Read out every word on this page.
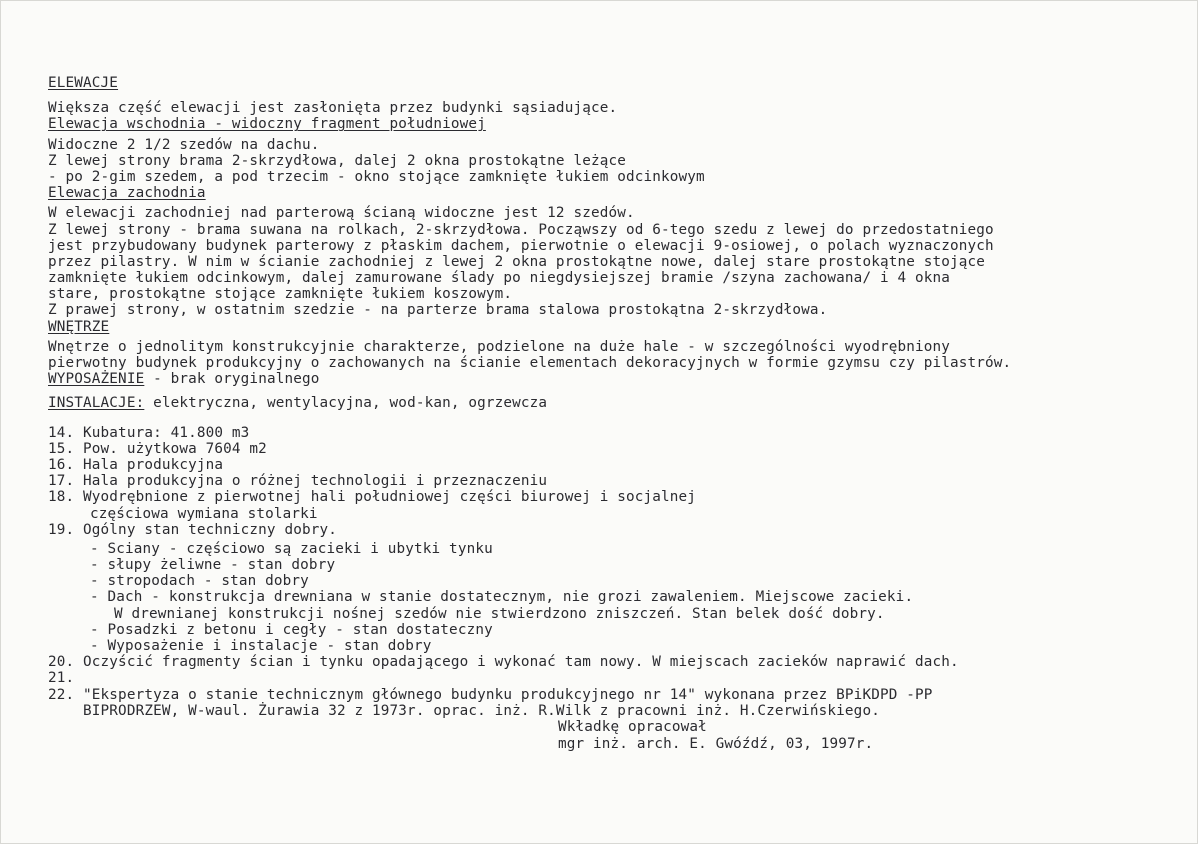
ELEWACJE
Większa część elewacji jest zasłonięta przez budynki sąsiadujące.
Elewacja wschodnia - widoczny fragment południowej
Widoczne 2 1/2 szedów na dachu.
Z lewej strony brama 2-skrzydłowa, dalej 2 okna prostokątne leżące
- po 2-gim szedem, a pod trzecim - okno stojące zamknięte łukiem odcinkowym
Elewacja zachodnia
W elewacji zachodniej nad parterową ścianą widoczne jest 12 szedów.
Z lewej strony - brama suwana na rolkach, 2-skrzydłowa. Począwszy od 6-tego szedu z lewej do przedostatniego
jest przybudowany budynek parterowy z płaskim dachem, pierwotnie o elewacji 9-osiowej, o polach wyznaczonych
przez pilastry. W nim w ścianie zachodniej z lewej 2 okna prostokątne nowe, dalej stare prostokątne stojące
zamknięte łukiem odcinkowym, dalej zamurowane ślady po niegdysiejszej bramie /szyna zachowana/ i 4 okna
stare, prostokątne stojące zamknięte łukiem koszowym.
Z prawej strony, w ostatnim szedzie - na parterze brama stalowa prostokątna 2-skrzydłowa.
WNĘTRZE
Wnętrze o jednolitym konstrukcyjnie charakterze, podzielone na duże hale - w szczególności wyodrębniony
pierwotny budynek produkcyjny o zachowanych na ścianie elementach dekoracyjnych w formie gzymsu czy pilastrów.
WYPOSAŻENIE - brak oryginalnego
INSTALACJE: elektryczna, wentylacyjna, wod-kan, ogrzewcza
14. Kubatura: 41.800 m3
15. Pow. użytkowa 7604 m2
16. Hala produkcyjna
17. Hala produkcyjna o różnej technologii i przeznaczeniu
18. Wyodrębnione z pierwotnej hali południowej części biurowej i socjalnej
częściowa wymiana stolarki
19. Ogólny stan techniczny dobry.
- Sciany - częściowo są zacieki i ubytki tynku
- słupy żeliwne - stan dobry
- stropodach - stan dobry
- Dach - konstrukcja drewniana w stanie dostatecznym, nie grozi zawaleniem. Miejscowe zacieki.
W drewnianej konstrukcji nośnej szedów nie stwierdzono zniszczeń. Stan belek dość dobry.
- Posadzki z betonu i cegły - stan dostateczny
- Wyposażenie i instalacje - stan dobry
20. Oczyścić fragmenty ścian i tynku opadającego i wykonać tam nowy. W miejscach zacieków naprawić dach.
21.
22. "Ekspertyza o stanie technicznym głównego budynku produkcyjnego nr 14" wykonana przez BPiKDPD -PP
BIPRODRZEW, W-waul. Żurawia 32 z 1973r. oprac. inż. R.Wilk z pracowni inż. H.Czerwińskiego.
Wkładkę opracował
mgr inż. arch. E. Gwóźdź, 03, 1997r.
